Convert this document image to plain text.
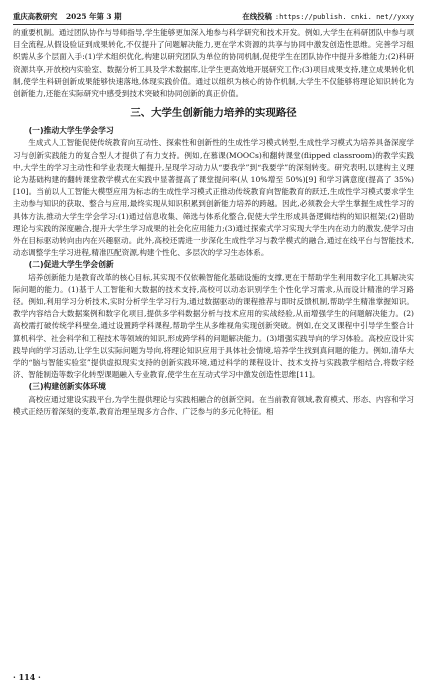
重庆高教研究 2025 年第 3 期	在线投稿 :https://publish. cnki. net//yxxy

的重要机制。通过团队协作与导师指导,学生能够更加深入地参与科学研究和技术开发。例如,大学生在科研团队中参与项目全流程,从假设验证到成果转化,不仅提升了问题解决能力,更在学术资源的共享与协同中激发创造性思维。完善学习组织需从多个层面入手:(1)学术组织优化,构建以研究团队为单位的协同机制,促使学生在团队协作中提升多维能力;(2)科研资源共享,开放校内实验室、数据分析工具及学术数据库,让学生更高效地开展研究工作;(3)项目成果支持,建立成果转化机制,使学生科研创新成果能够快速落地,体现实践价值。通过以组织为核心的协作机制,大学生不仅能够将理论知识转化为创新能力,还能在实际研究中感受到技术突破和协同创新的真正价值。

三、大学生创新能力培养的实现路径

(一)推动大学生学会学习

生成式人工智能促使传统教育向互动性、探索性和创新性的生成性学习模式转型,生成性学习模式为培养具备深度学习与创新实践能力的复合型人才提供了有力支持。例如,在慕课(MOOCs)和翻转课堂(flipped classroom)的教学实践中,大学生的学习主动性和学业表现大幅提升,呈现学习动力从“要我学”到“我要学”的深刻转变。研究表明,以建构主义理论为基础构建的翻转课堂教学模式在实践中显著提高了课堂提问率(从 10%增至 50%)[9] 和学习满意度(提高了 35%)[10]。当前以人工智能大模型应用为标志的生成性学习模式正推动传统教育向智能教育的跃迁,生成性学习模式要求学生主动参与知识的获取、整合与应用,最终实现从知识积累到创新能力培养的跨越。因此,必须教会大学生掌握生成性学习的具体方法,推动大学生学会学习:(1)通过信息收集、筛选与体系化整合,促使大学生形成具备逻辑结构的知识框架;(2)借助理论与实践的深度融合,提升大学生学习成果的社会化应用能力;(3)通过探索式学习实现大学生内在动力的激发,使学习由外在目标驱动转向由内在兴趣驱动。此外,高校还需进一步深化生成性学习与教学模式的融合,通过在线平台与智能技术,动态调整学生学习进程,精准匹配资源,构建个性化、多层次的学习生态体系。

(二)促进大学生学会创新

培养创新能力是教育改革的核心目标,其实现不仅依赖智能化基础设施的支撑,更在于帮助学生利用数字化工具解决实际问题的能力。(1)基于人工智能和大数据的技术支持,高校可以动态识别学生个性化学习需求,从而设计精准的学习路径。例如,利用学习分析技术,实时分析学生学习行为,通过数据驱动的课程推荐与即时反馈机制,帮助学生精准掌握知识。教学内容结合大数据案例和数字化项目,提供多学科数据分析与技术应用的实战经验,从而增强学生的问题解决能力。(2)高校需打破传统学科壁垒,通过设置跨学科课程,帮助学生从多维视角实现创新突破。例如,在交叉课程中引导学生整合计算机科学、社会科学和工程技术等领域的知识,形成跨学科的问题解决能力。(3)增强实践导向的学习体验。高校应设计实践导向的学习活动,让学生以实际问题为导向,将理论知识应用于具体社会情境,培养学生找到真问题的能力。例如,清华大学的“脑与智能实验室”提供虚拟现实支持的创新实践环境,通过科学的课程设计、技术支持与实践教学相结合,将数字经济、智能制造等数字化转型课题融入专业教育,使学生在互动式学习中激发创造性思维[11]。

(三)构建创新实体环境

高校应通过建设实践平台,为学生提供理论与实践相融合的创新空间。在当前教育领域,教育模式、形态、内容和学习模式正经历着深刻的变革,教育治理呈现多方合作、广泛参与的多元化特征。相

· 114 ·
